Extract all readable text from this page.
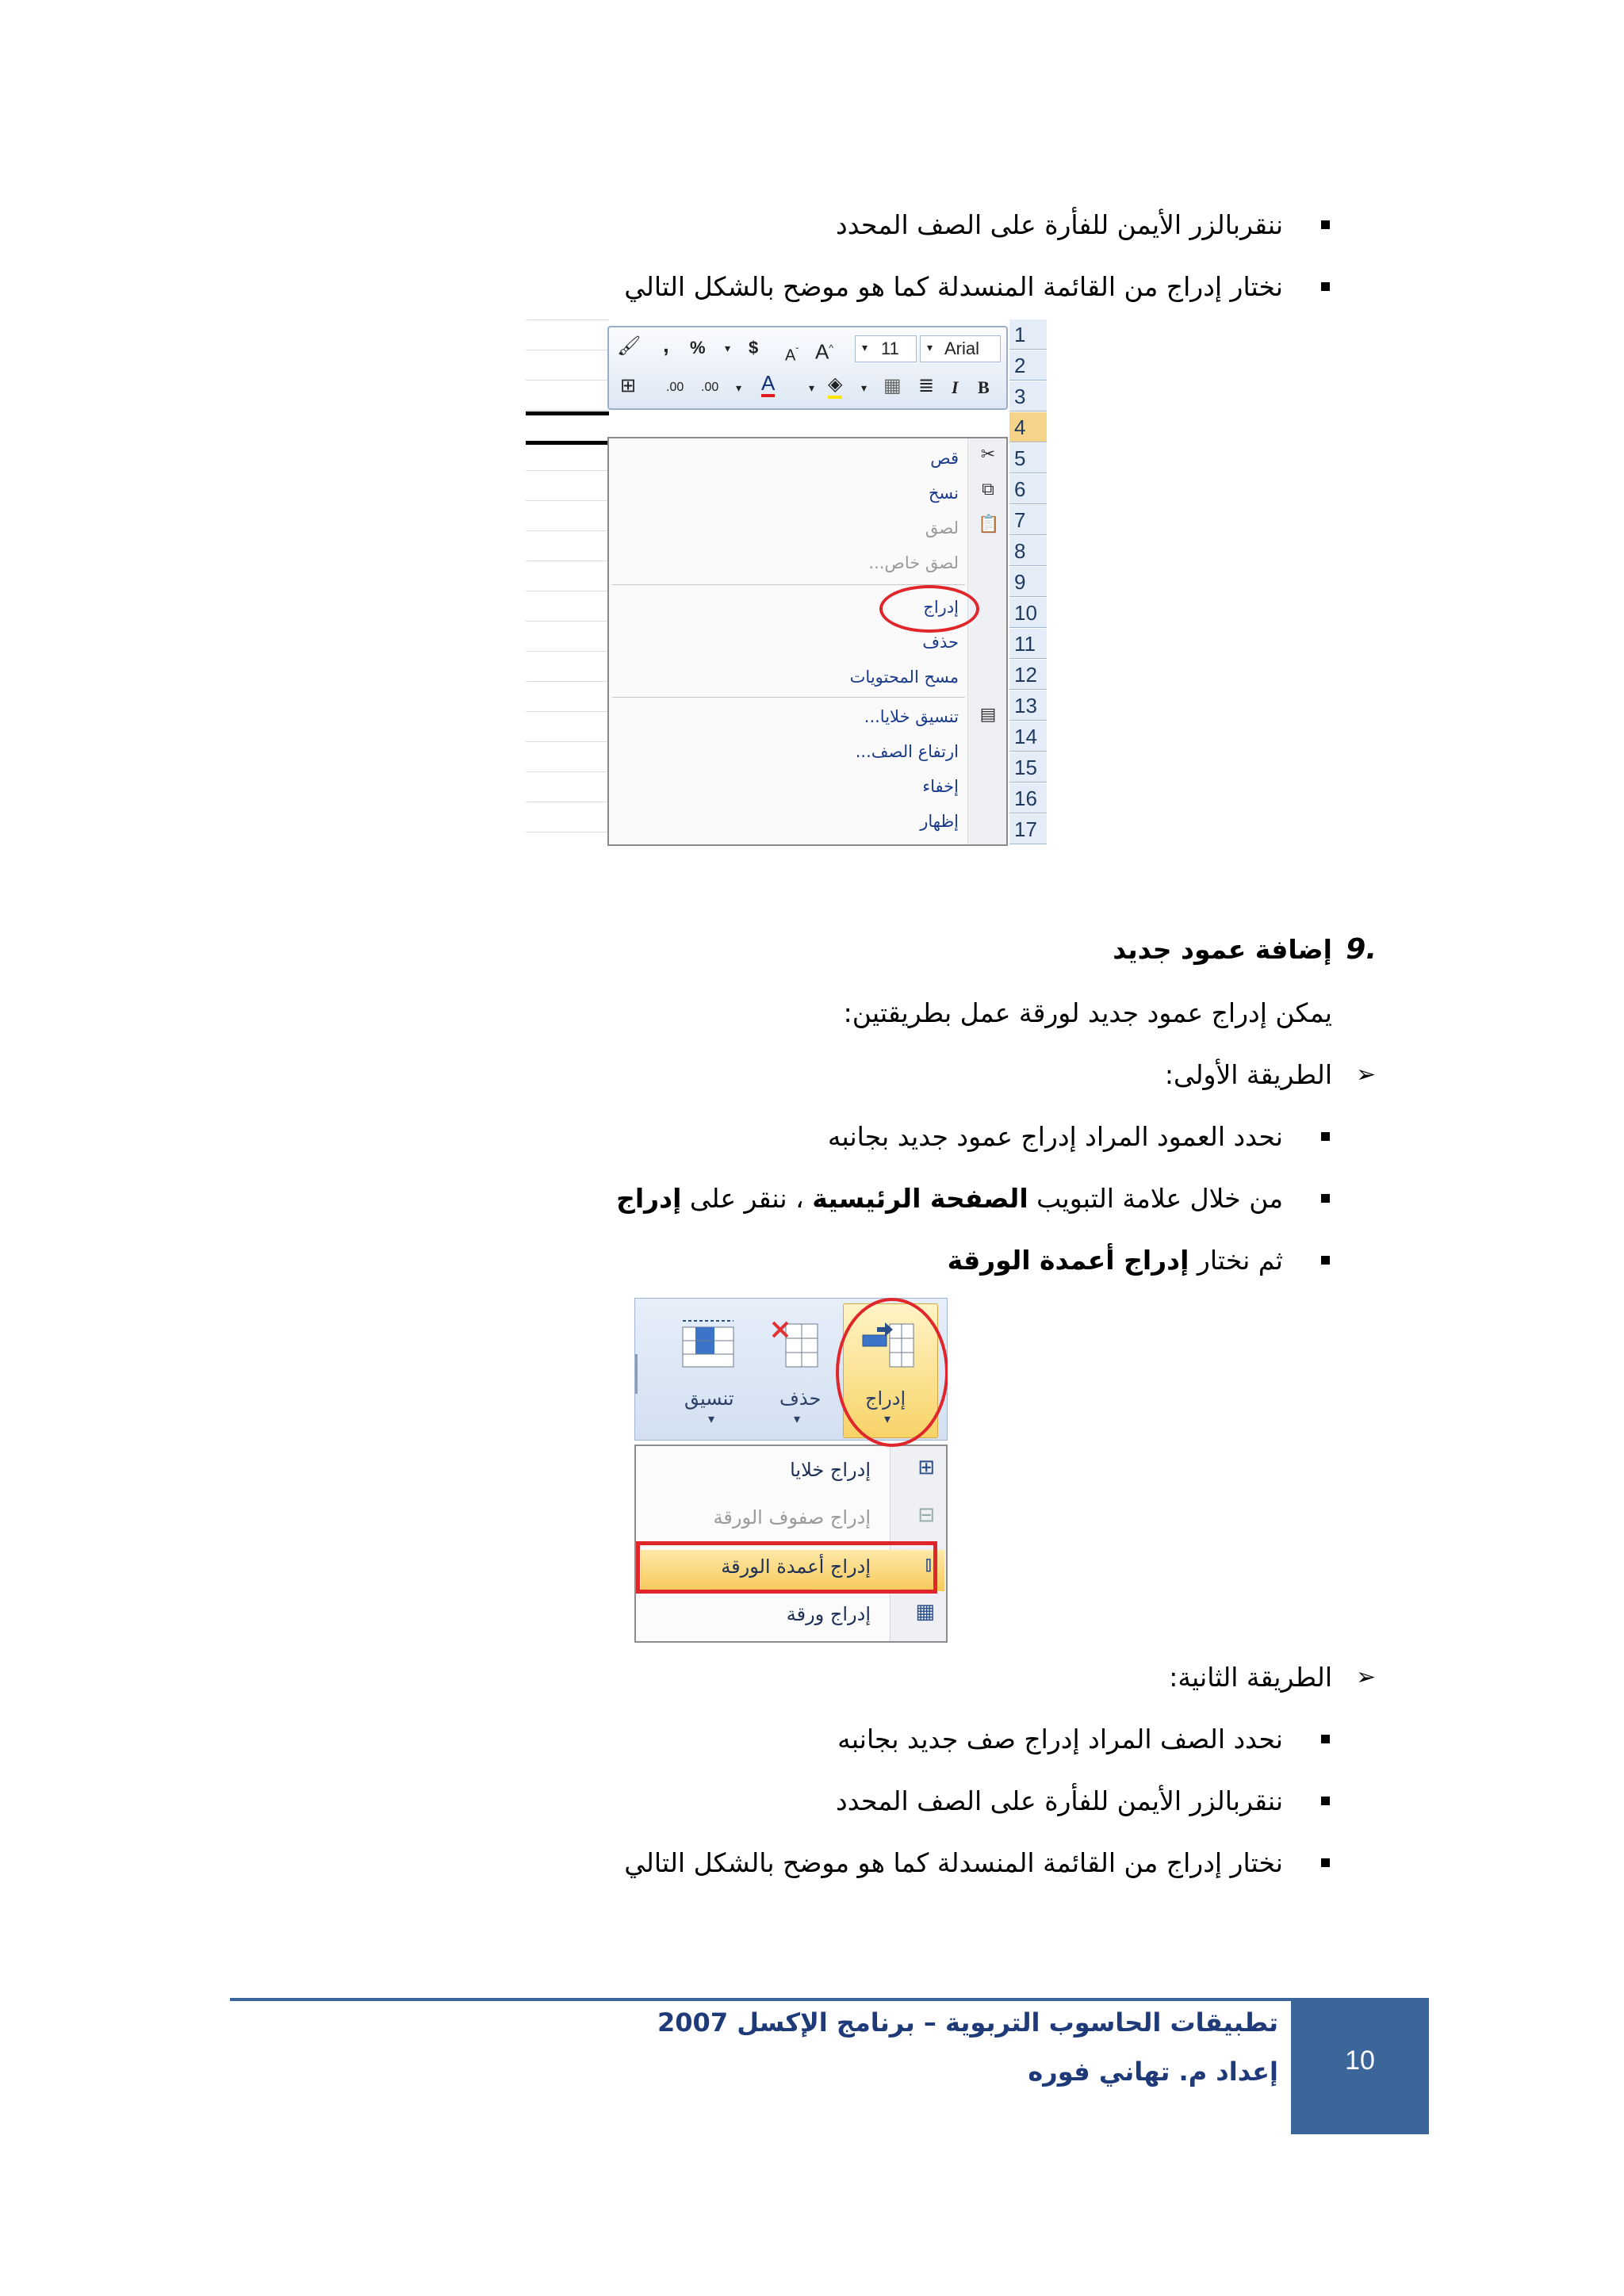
ننقربالزر الأيمن للفأرة على الصف المحدد
نختار إدراج من القائمة المنسدلة كما هو موضح بالشكل التالي
1
2
3
4
5
6
7
8
9
10
11
12
13
14
15
16
17
Arial
▾
11
▾
A^
$A^ˇ$
$
▾
%
,
🖌
B
I
≣
▦
▾
◈
▾
A
▾
.00
.00
⊞
✂
⧉
📋
▤
قص
نسخ
لصق
لصق خاص...
إدراج
حذف
مسح المحتويات
تنسيق خلايا...
ارتفاع الصف...
إخفاء
إظهار
.9
إضافة عمود جديد
يمكن إدراج عمود جديد لورقة عمل بطريقتين:
➢
الطريقة الأولى:
نحدد العمود المراد إدراج عمود جديد بجانبه
من خلال علامة التبويب الصفحة الرئيسية ، ننقر على إدراج
ثم نختار إدراج أعمدة الورقة
إدراج
▾
حذف
▾
تنسيق
▾
⊞
⊟
⫾
▦
إدراج خلايا
إدراج صفوف الورقة
إدراج أعمدة الورقة
إدراج ورقة
➢
الطريقة الثانية:
نحدد الصف المراد إدراج صف جديد بجانبه
ننقربالزر الأيمن للفأرة على الصف المحدد
نختار إدراج من القائمة المنسدلة كما هو موضح بالشكل التالي
10
تطبيقات الحاسوب التربوية – برنامج الإكسل 2007
إعداد م. تهاني فوره
